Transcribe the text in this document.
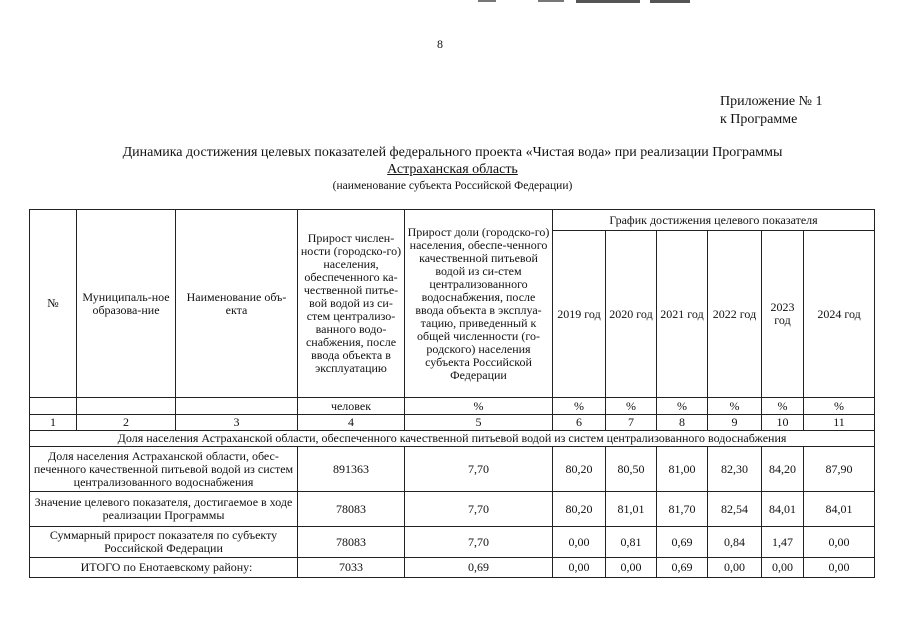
8
Приложение № 1
к Программе
Динамика достижения целевых показателей федерального проекта «Чистая вода» при реализации Программы
Астраханская область
(наименование субъекта Российской Федерации)
№	Муниципаль-ное образова-ние	Наименование объ-екта	Прирост числен-ности (городско-го) населения, обеспеченного ка-чественной питье-вой водой из си-стем централизо-ванного водо-снабжения, после ввода объекта в эксплуатацию	Прирост доли (городско-го) населения, обеспе-ченного качественной питьевой водой из си-стем централизованного водоснабжения, после ввода объекта в эксплуа-тацию, приведенный к общей численности (го-родского) населения субъекта Российской Федерации	График достижения целевого показателя					
					2019 год	2020 год	2021 год	2022 год	2023 год	2024 год
			человек	%	%	%	%	%	%	%
1	2	3	4	5	6	7	8	9	10	11
Доля населения Астраханской области, обеспеченного качественной питьевой водой из систем централизованного водоснабжения										
Доля населения Астраханской области, обес-печенного качественной питьевой водой из систем централизованного водоснабжения			891363	7,70	80,20	80,50	81,00	82,30	84,20	87,90
Значение целевого показателя, достигаемое в ходе реализации Программы			78083	7,70	80,20	81,01	81,70	82,54	84,01	84,01
Суммарный прирост показателя по субъекту Российской Федерации			78083	7,70	0,00	0,81	0,69	0,84	1,47	0,00
ИТОГО по Енотаевскому району:			7033	0,69	0,00	0,00	0,69	0,00	0,00	0,00
